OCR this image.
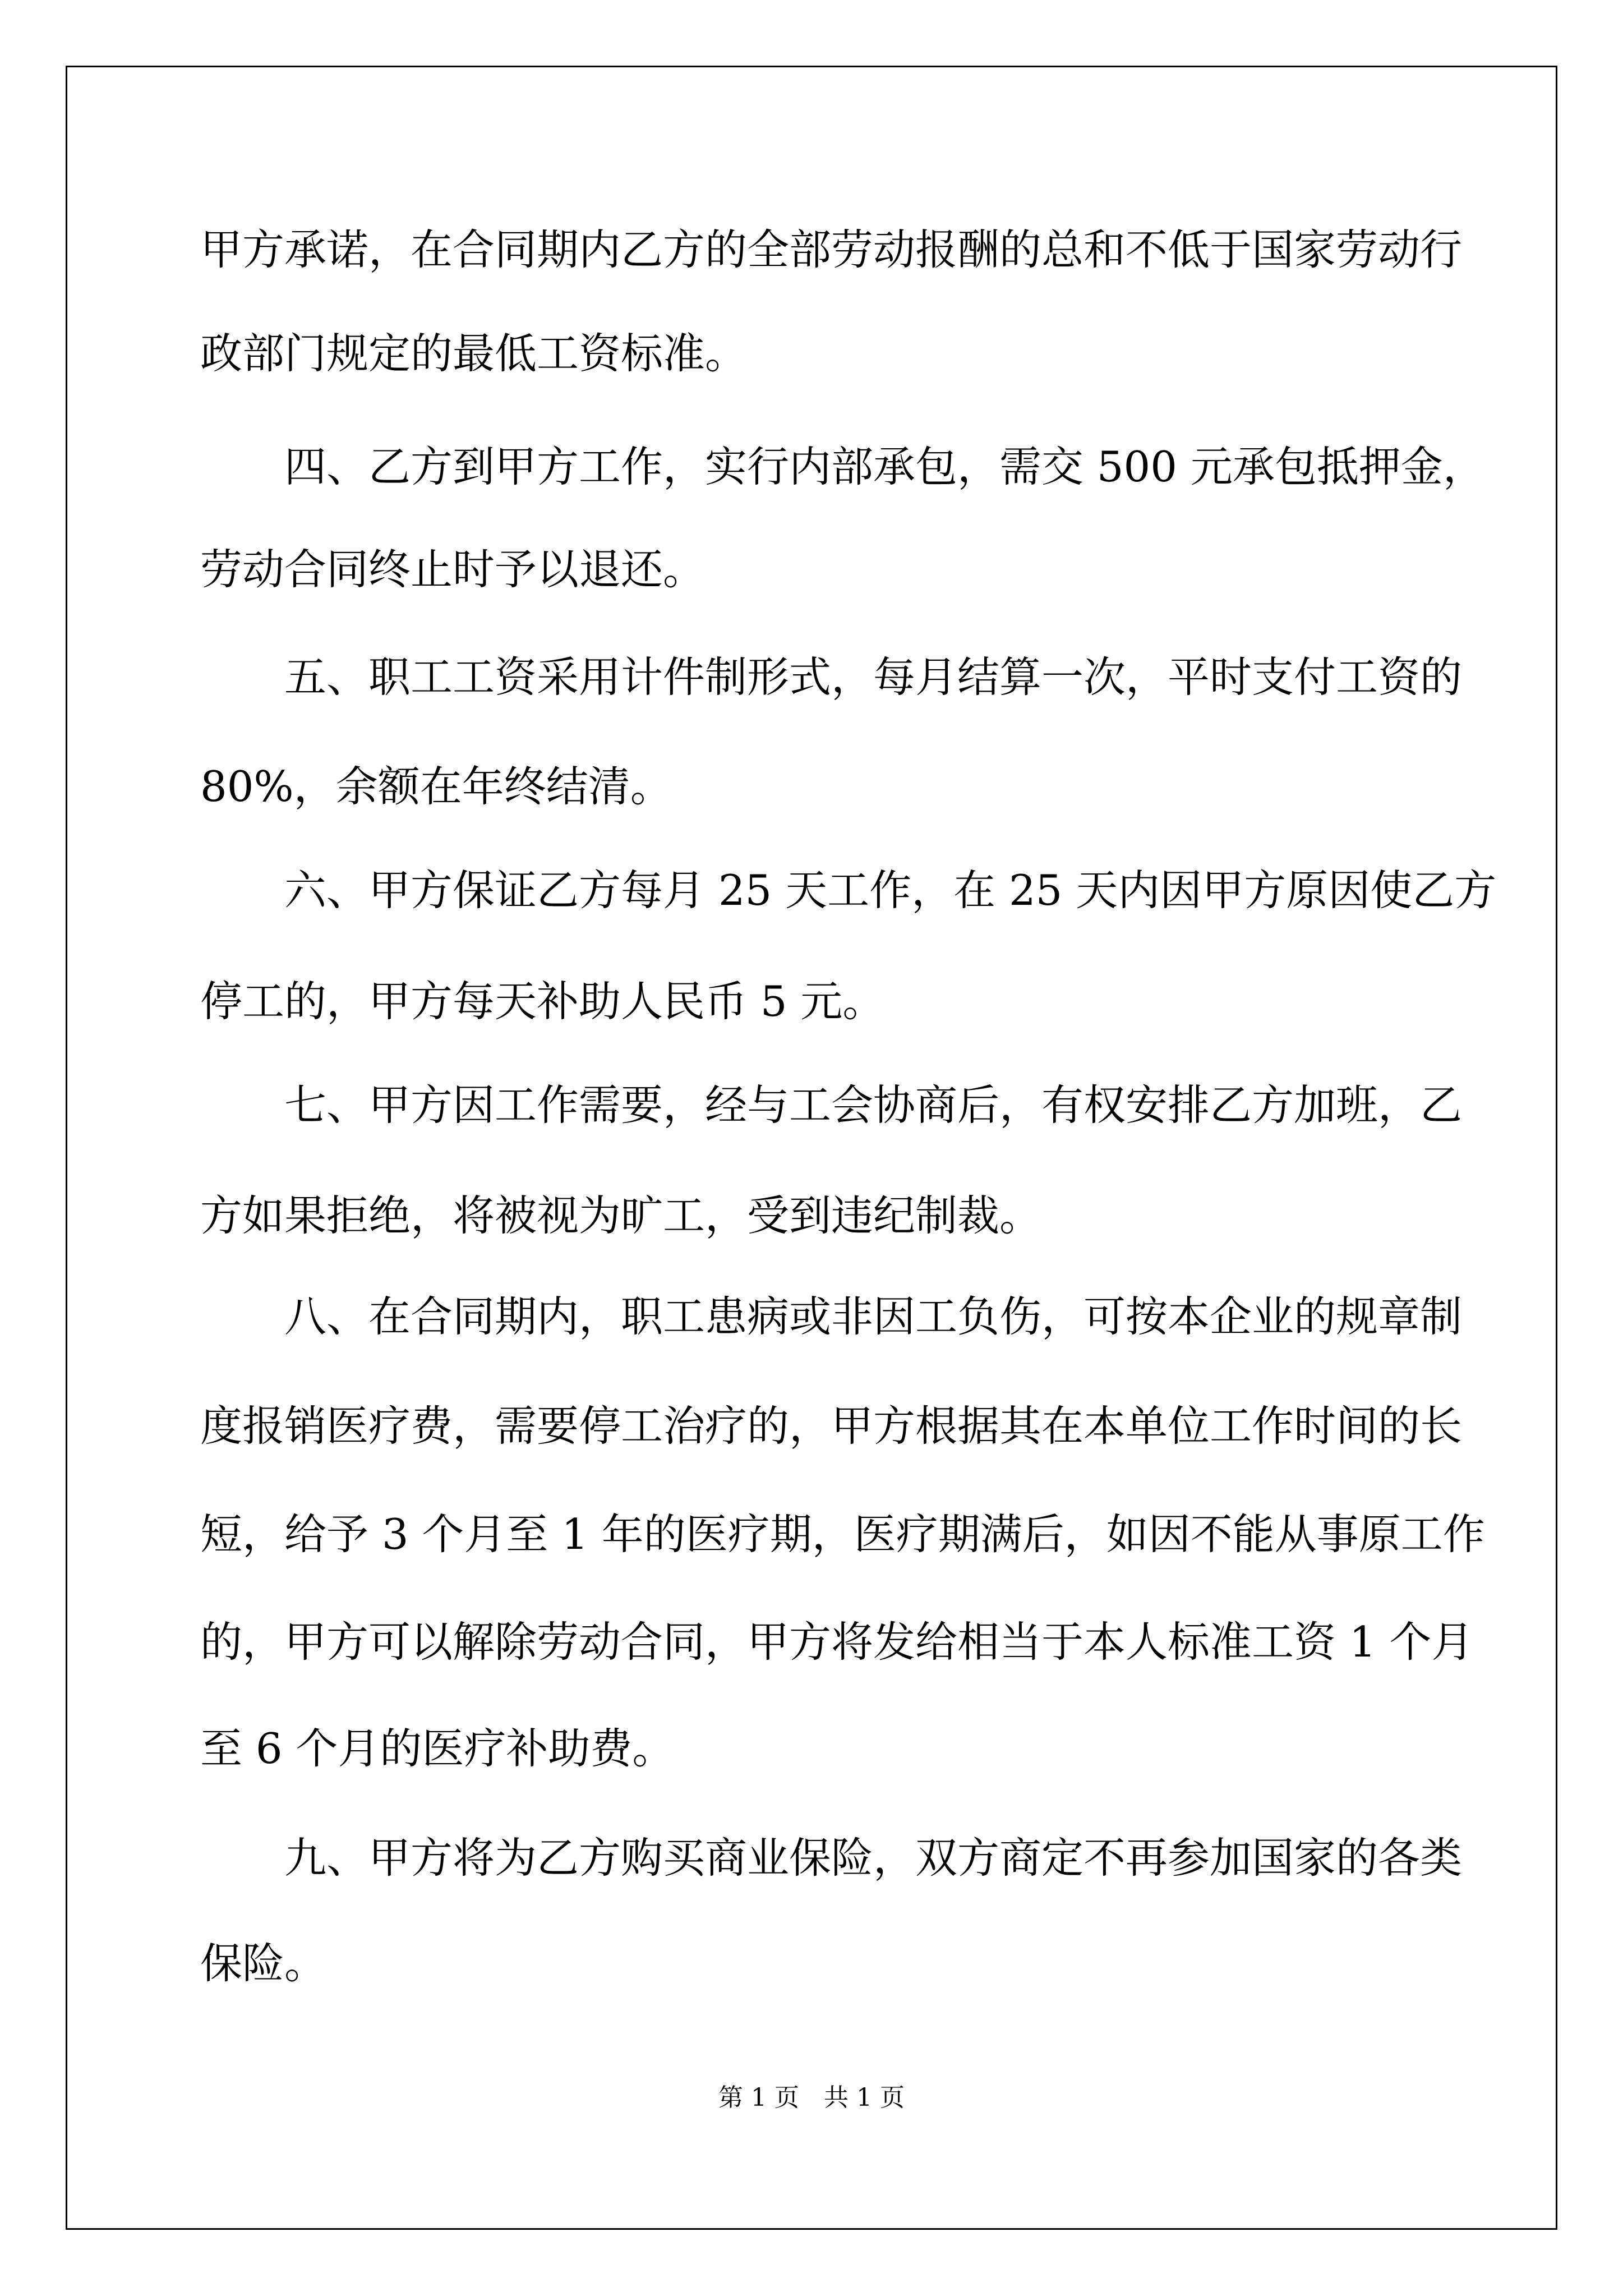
甲方承诺，在合同期内乙方的全部劳动报酬的总和不低于国家劳动行
政部门规定的最低工资标准。
四、乙方到甲方工作，实行内部承包，需交 500 元承包抵押金，
劳动合同终止时予以退还。
五、职工工资采用计件制形式，每月结算一次，平时支付工资的
80%，余额在年终结清。
六、甲方保证乙方每月 25 天工作，在 25 天内因甲方原因使乙方
停工的，甲方每天补助人民币 5 元。
七、甲方因工作需要，经与工会协商后，有权安排乙方加班，乙
方如果拒绝，将被视为旷工，受到违纪制裁。
八、在合同期内，职工患病或非因工负伤，可按本企业的规章制
度报销医疗费，需要停工治疗的，甲方根据其在本单位工作时间的长
短，给予 3 个月至 1 年的医疗期，医疗期满后，如因不能从事原工作
的，甲方可以解除劳动合同，甲方将发给相当于本人标准工资 1 个月
至 6 个月的医疗补助费。
九、甲方将为乙方购买商业保险，双方商定不再参加国家的各类
保险。
第 1 页　共 1 页
